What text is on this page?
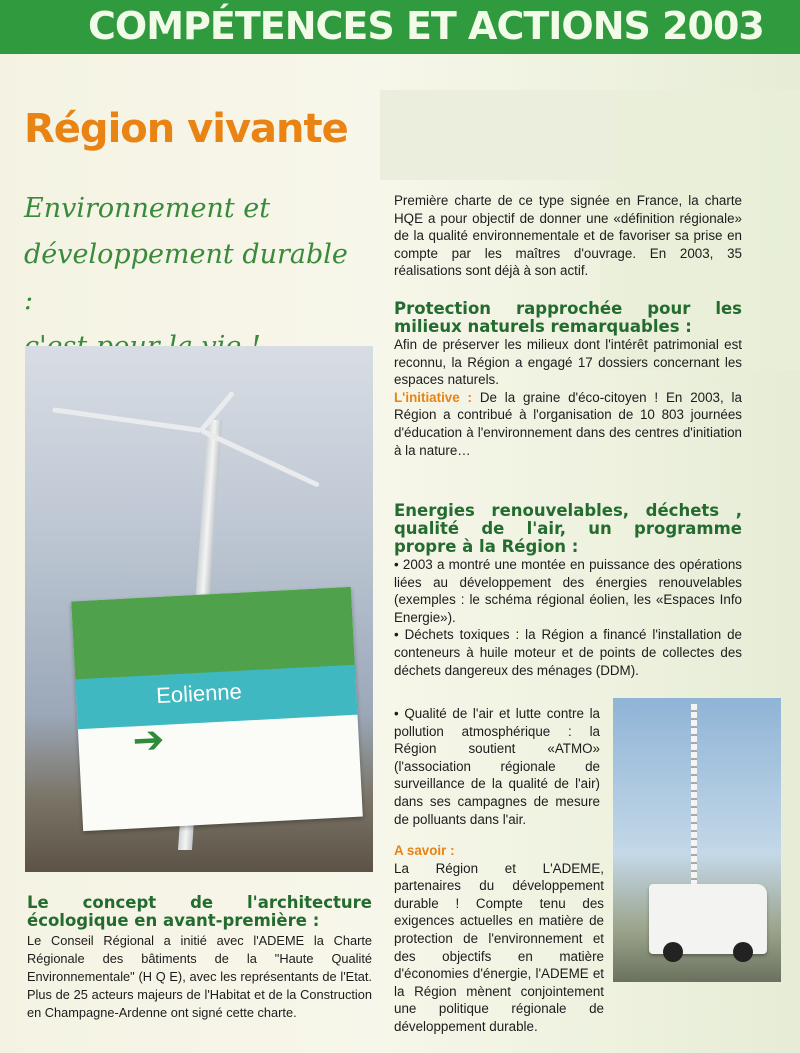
COMPÉTENCES ET ACTIONS 2003
Région vivante
Environnement et
développement durable :
Eolienne
➔

Première charte de ce type signée en France, la charte HQE a pour objectif de donner une «définition régionale» de la qualité environnementale et de favoriser sa prise en compte par les maîtres d'ouvrage. En 2003, 35 réalisations sont déjà à son actif.

Protection rapprochée pour les milieux naturels remarquables :

Afin de préserver les milieux dont l'intérêt patrimonial est reconnu, la Région a engagé 17 dossiers concernant les espaces naturels.

L'initiative : De la graine d'éco-citoyen ! En 2003, la Région a contribué à l'organisation de 10 803 journées d'éducation à l'environnement dans des centres d'initiation à la nature…

Energies renouvelables, déchets , qualité de l'air, un programme propre à la Région :

• 2003 a montré une montée en puissance des opérations liées au développement des énergies renouvelables (exemples : le schéma régional éolien, les «Espaces Info Energie»).

• Déchets toxiques : la Région a financé l'installation de conteneurs à huile moteur et de points de collectes des déchets dangereux des ménages (DDM).

• Qualité de l'air et lutte contre la pollution atmosphérique : la Région soutient «ATMO» (l'association régionale de surveillance de la qualité de l'air) dans ses campagnes de mesure de polluants dans l'air.

A savoir :

La Région et L'ADEME, partenaires du développement durable ! Compte tenu des exigences actuelles en matière de protection de l'environnement et des objectifs en matière d'économies d'énergie, l'ADEME et la Région mènent conjointement une politique régionale de développement durable.

Le concept de l'architecture écologique en avant-première :

Le Conseil Régional a initié avec l'ADEME la Charte Régionale des bâtiments de la "Haute Qualité Environnementale" (H Q E), avec les représentants de l'Etat. Plus de 25 acteurs majeurs de l'Habitat et de la Construction en Champagne-Ardenne ont signé cette charte.
